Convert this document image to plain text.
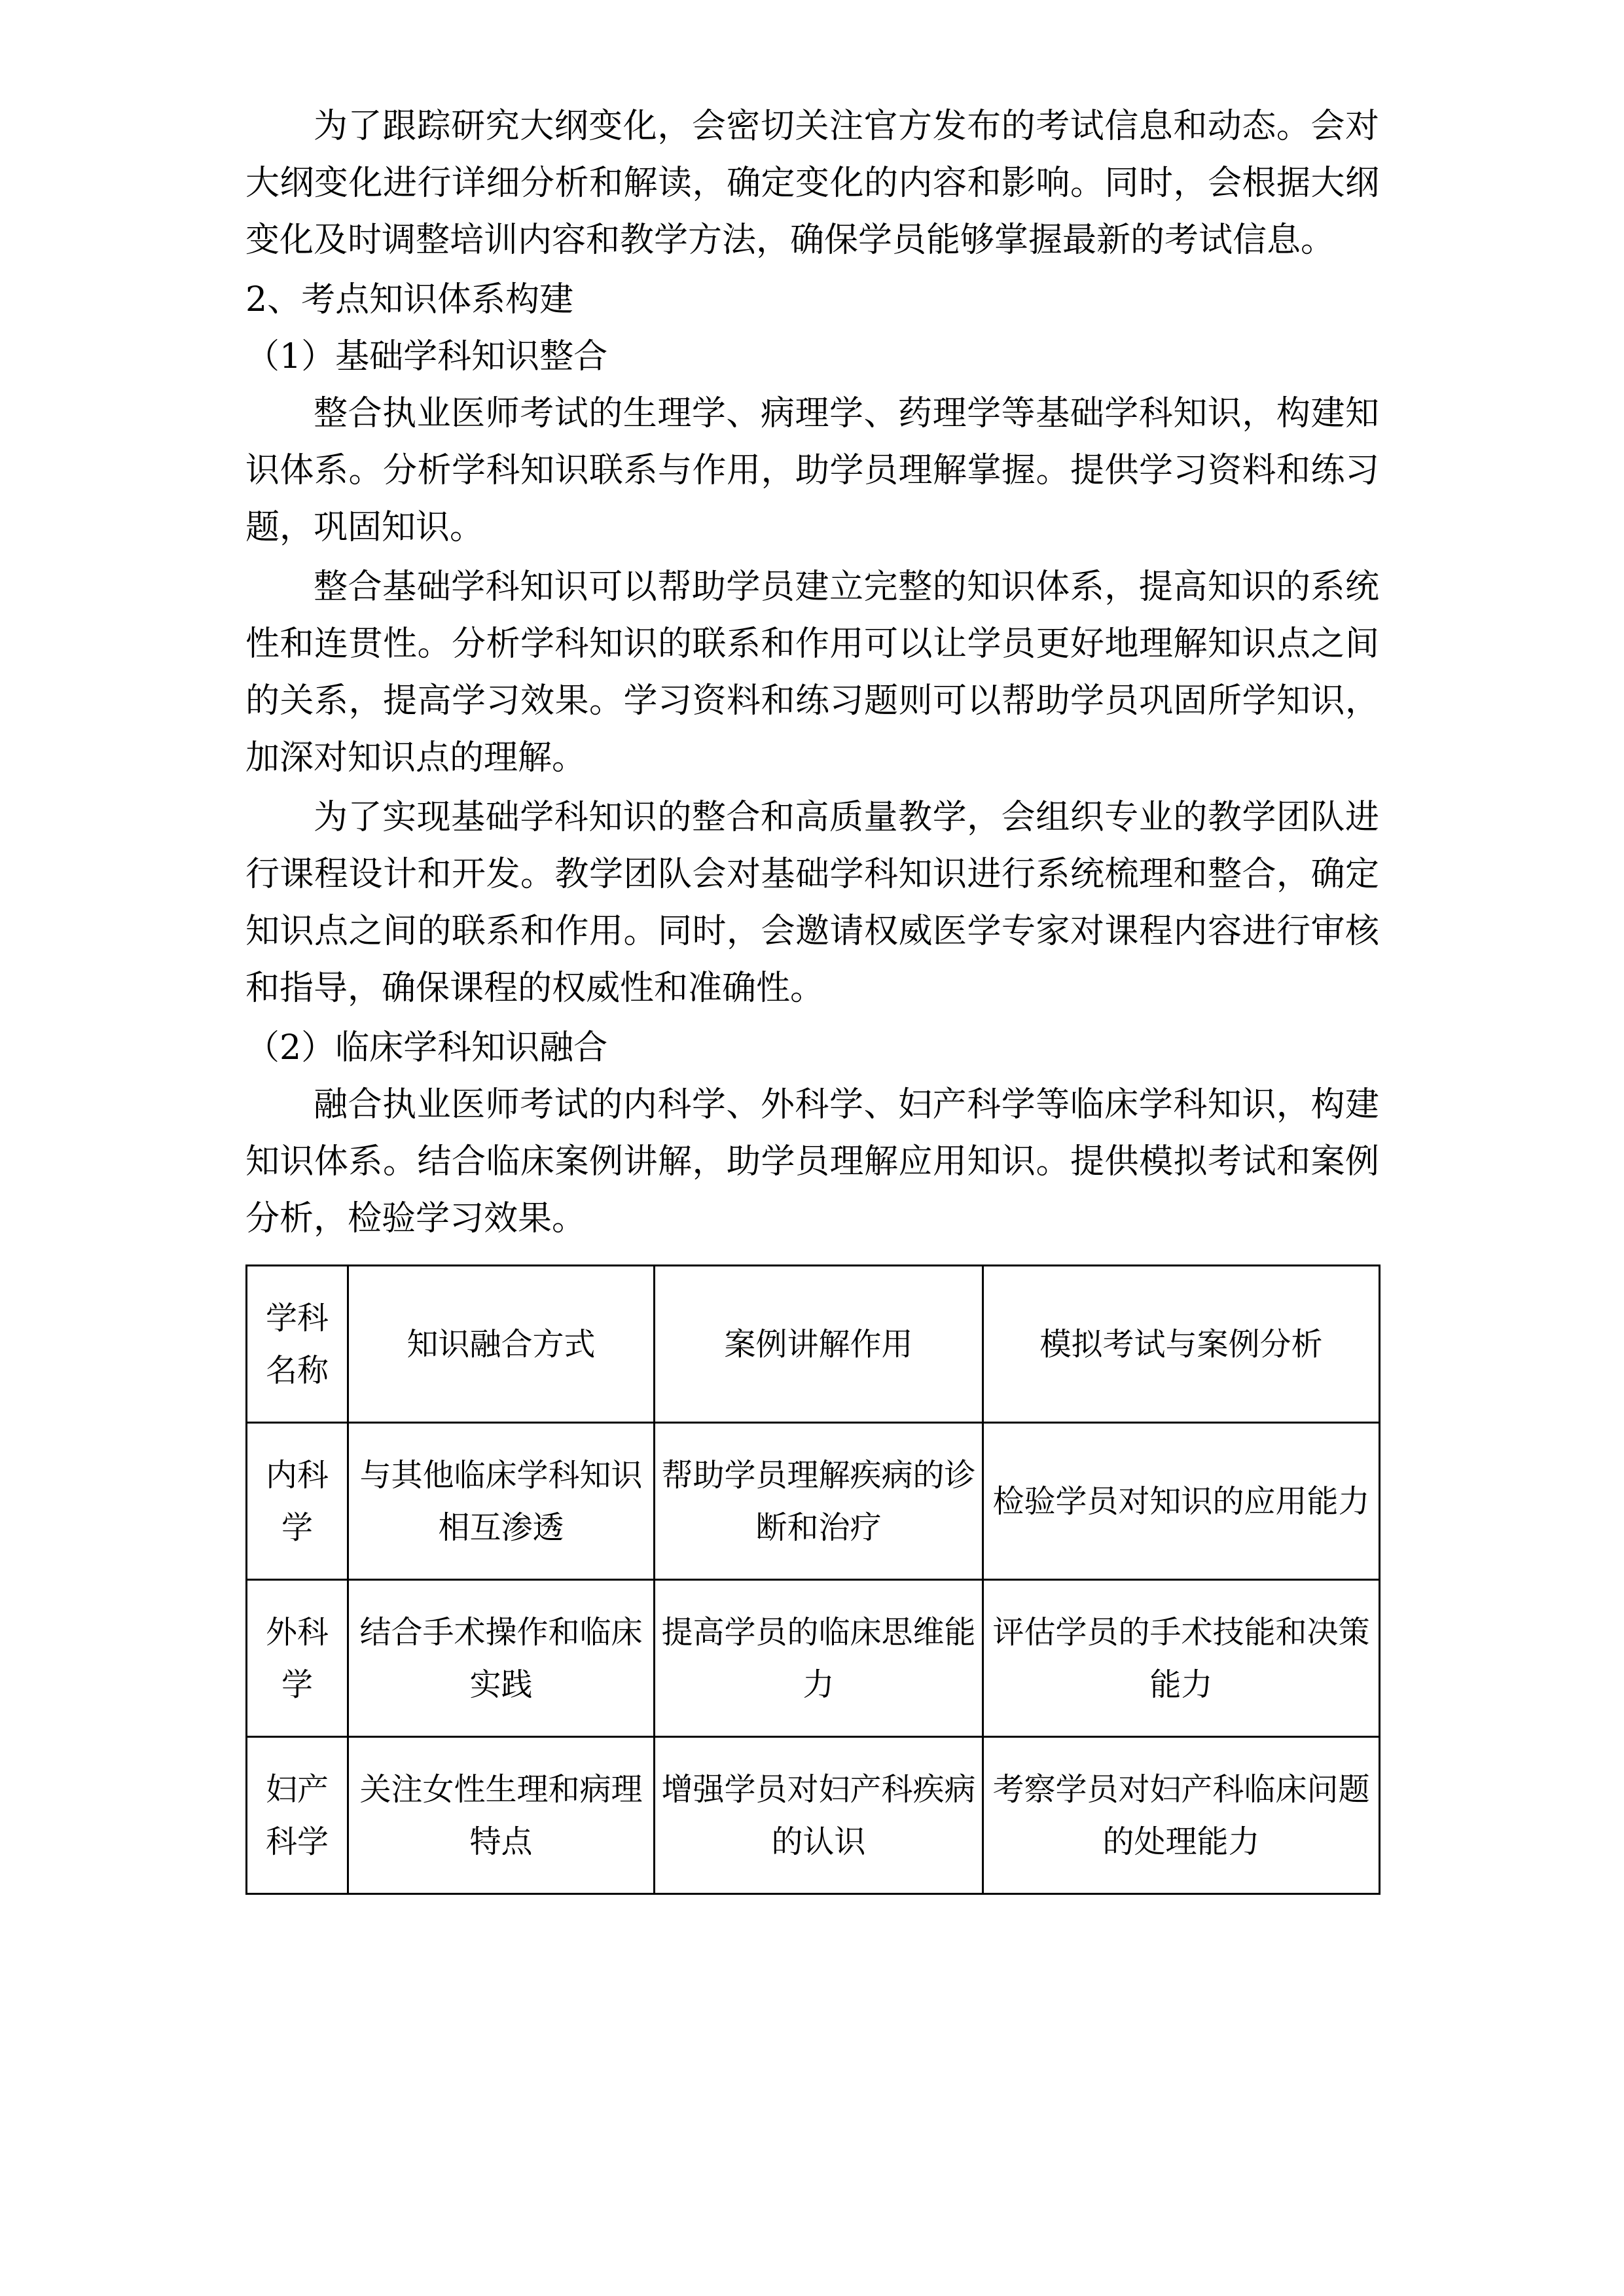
为了跟踪研究大纲变化，会密切关注官方发布的考试信息和动态。会对大纲变化进行详细分析和解读，确定变化的内容和影响。同时，会根据大纲变化及时调整培训内容和教学方法，确保学员能够掌握最新的考试信息。

2、考点知识体系构建

（1）基础学科知识整合

整合执业医师考试的生理学、病理学、药理学等基础学科知识，构建知识体系。分析学科知识联系与作用，助学员理解掌握。提供学习资料和练习题，巩固知识。

整合基础学科知识可以帮助学员建立完整的知识体系，提高知识的系统性和连贯性。分析学科知识的联系和作用可以让学员更好地理解知识点之间的关系，提高学习效果。学习资料和练习题则可以帮助学员巩固所学知识，加深对知识点的理解。

为了实现基础学科知识的整合和高质量教学，会组织专业的教学团队进行课程设计和开发。教学团队会对基础学科知识进行系统梳理和整合，确定知识点之间的联系和作用。同时，会邀请权威医学专家对课程内容进行审核和指导，确保课程的权威性和准确性。

（2）临床学科知识融合

融合执业医师考试的内科学、外科学、妇产科学等临床学科知识，构建知识体系。结合临床案例讲解，助学员理解应用知识。提供模拟考试和案例分析，检验学习效果。

学科名称	知识融合方式	案例讲解作用	模拟考试与案例分析
内科学	与其他临床学科知识相互渗透	帮助学员理解疾病的诊断和治疗	检验学员对知识的应用能力
外科学	结合手术操作和临床实践	提高学员的临床思维能力	评估学员的手术技能和决策能力
妇产科学	关注女性生理和病理特点	增强学员对妇产科疾病的认识	考察学员对妇产科临床问题的处理能力
